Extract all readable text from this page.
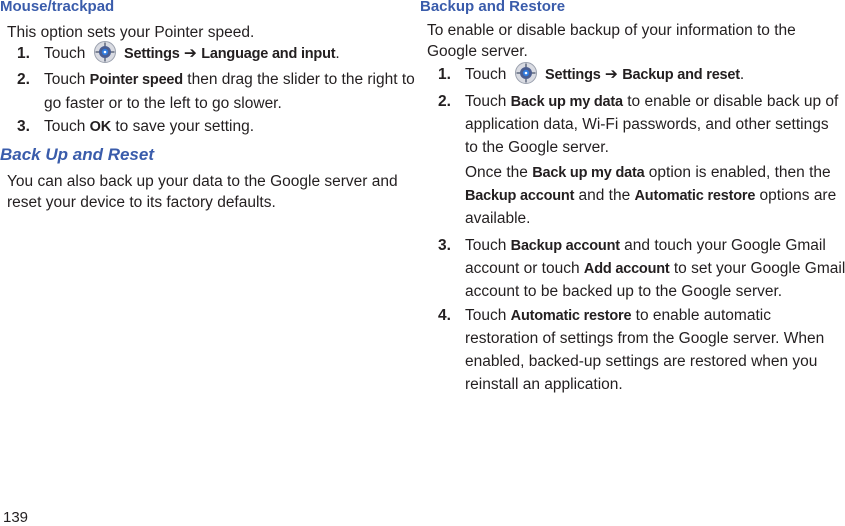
Mouse/trackpad

This option sets your Pointer speed.

1. Touch	Settings ➔ Language and input.
2. Touch Pointer speed then drag the slider to the right to
go faster or to the left to go slower.
3. Touch OK to save your setting.
Back Up and Reset

You can also back up your data to the Google server and

reset your device to its factory defaults.

Backup and Restore

To enable or disable backup of your information to the

Google server.

1. Touch	Settings ➔ Backup and reset.
2. Touch Back up my data to enable or disable back up of
application data, Wi-Fi passwords, and other settings
to the Google server.
Once the Back up my data option is enabled, then the
Backup account and the Automatic restore options are
available.
3. Touch Backup account and touch your Google Gmail
account or touch Add account to set your Google Gmail
account to be backed up to the Google server.
4. Touch Automatic restore to enable automatic
restoration of settings from the Google server. When
enabled, backed-up settings are restored when you
reinstall an application.
139
